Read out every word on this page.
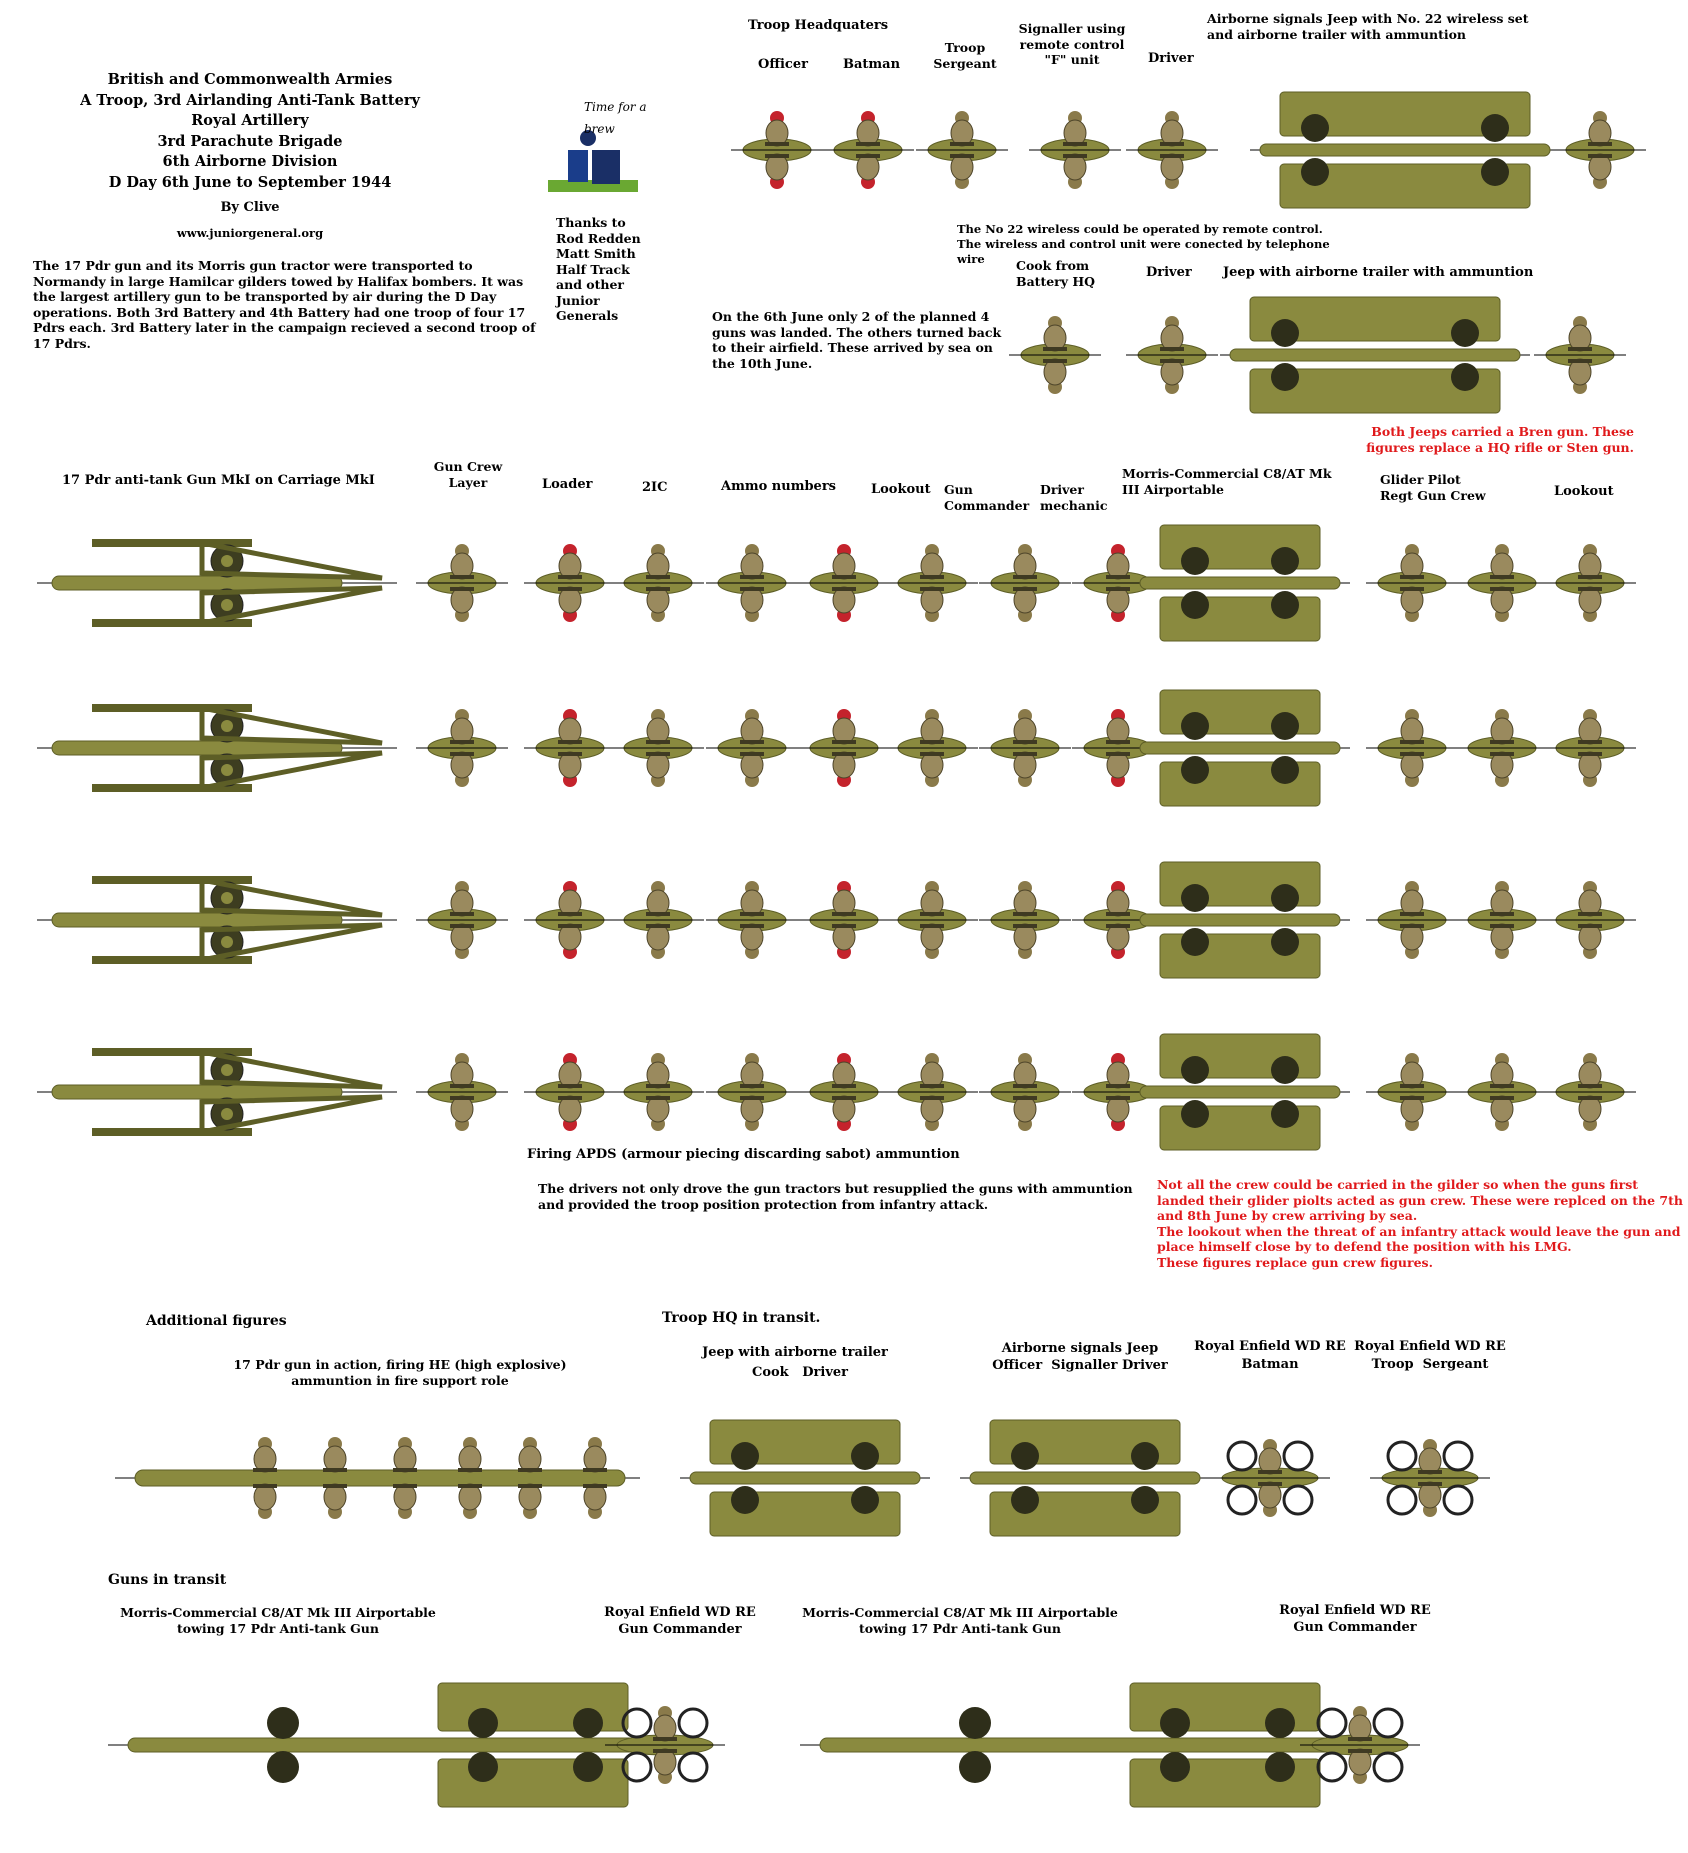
British and Commonwealth Armies
A Troop, 3rd Airlanding Anti-Tank Battery
Royal Artillery
3rd Parachute Brigade
6th Airborne Division
D Day 6th June to September 1944
By Clive
www.juniorgeneral.org
The 17 Pdr gun and its Morris gun tractor were transported to Normandy in large Hamilcar gilders towed by Halifax bombers. It was the largest artillery gun to be transported by air during the D Day operations. Both 3rd Battery and 4th Battery had one troop of four 17 Pdrs each. 3rd Battery later in the campaign recieved a second troop of 17 Pdrs.
Time for a brew
Thanks to Rod Redden Matt Smith Half Track and other Junior Generals
Troop Headquaters
Officer	Batman
Troop Sergeant
Signaller using remote control "F" unit	Driver
Airborne signals Jeep with No. 22 wireless set and airborne trailer with ammuntion
The No 22 wireless could be operated by remote control. The wireless and control unit were conected by telephone wire	Cook from Battery HQ
Driver Jeep with airborne trailer with ammuntion
On the 6th June only 2 of the planned 4 guns was landed. The others turned back to their airfield. These arrived by sea on the 10th June.
Both Jeeps carried a Bren gun. These figures replace a HQ rifle or Sten gun.
17 Pdr anti-tank Gun MkI on Carriage MkI
Gun Crew Layer	Loader	2IC	Ammo numbers	Lookout Gun Commander
Driver mechanic
Morris-Commercial C8/AT Mk III Airportable
Glider Pilot Regt Gun Crew	Lookout
Firing APDS (armour piecing discarding sabot) ammuntion
The drivers not only drove the gun tractors but resupplied the guns with ammuntion and provided the troop position protection from infantry attack.
Not all the crew could be carried in the gilder so when the guns first landed their glider piolts acted as gun crew. These were replced on the 7th and 8th June by crew arriving by sea.
The lookout when the threat of an infantry attack would leave the gun and place himself close by to defend the position with his LMG.
These figures replace gun crew figures.
Additional figures
17 Pdr gun in action, firing HE (high explosive) ammuntion in fire support role
Troop HQ in transit.
Jeep with airborne trailer
Cook   Driver
Airborne signals Jeep
Officer  Signaller Driver
Royal Enfield WD RE
Batman
Royal Enfield WD RE
Troop  Sergeant
Guns in transit
Morris-Commercial C8/AT Mk III Airportable towing 17 Pdr Anti-tank Gun
Royal Enfield WD RE
Gun Commander
Morris-Commercial C8/AT Mk III Airportable towing 17 Pdr Anti-tank Gun
Royal Enfield WD RE
Gun Commander
